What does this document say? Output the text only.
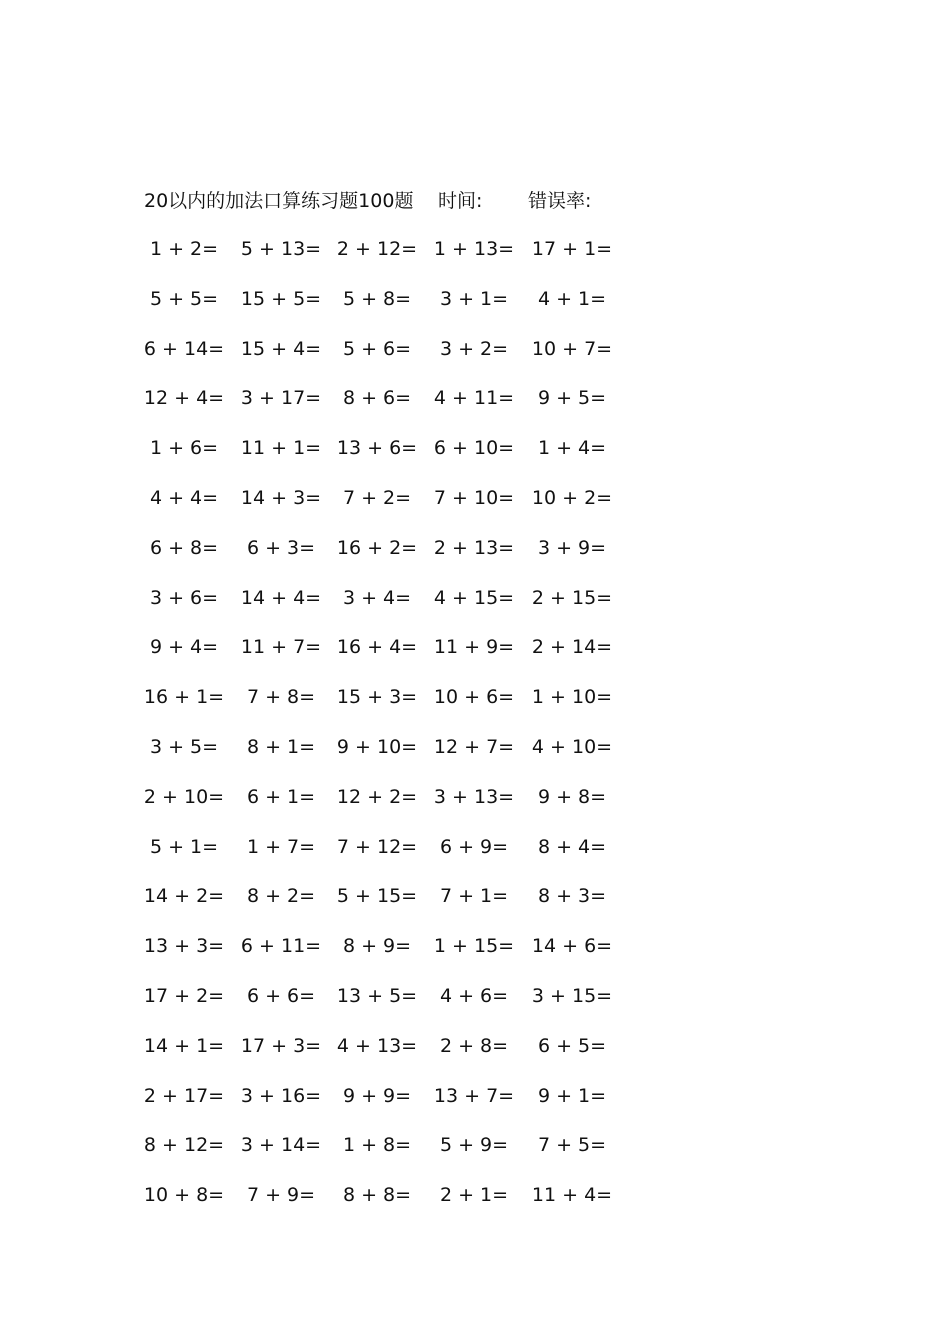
20以内的加法口算练习题100题 时间: 错误率:
1 + 2=	5 + 13= 2 + 12= 1 + 13= 17 + 1=
5 + 5=	15 + 5=	5 + 8=	3 + 1=	4 + 1=
6 + 14= 15 + 4=	5 + 6=	3 + 2=	10 + 7=
12 + 4= 3 + 17=	8 + 6=	4 + 11=	9 + 5=
1 + 6=	11 + 1= 13 + 6= 6 + 10=	1 + 4=
4 + 4=	14 + 3=	7 + 2=	7 + 10= 10 + 2=
6 + 8=	6 + 3=	16 + 2= 2 + 13=	3 + 9=
3 + 6=	14 + 4=	3 + 4=	4 + 15= 2 + 15=
9 + 4=	11 + 7= 16 + 4= 11 + 9= 2 + 14=
16 + 1=	7 + 8=	15 + 3= 10 + 6= 1 + 10=
3 + 5=	8 + 1=	9 + 10= 12 + 7= 4 + 10=
2 + 10=	6 + 1=	12 + 2= 3 + 13=	9 + 8=
5 + 1=	1 + 7=	7 + 12=	6 + 9=	8 + 4=
14 + 2=	8 + 2=	5 + 15=	7 + 1=	8 + 3=
13 + 3= 6 + 11=	8 + 9=	1 + 15= 14 + 6=
17 + 2=	6 + 6=	13 + 5=	4 + 6=	3 + 15=
14 + 1= 17 + 3= 4 + 13=	2 + 8=	6 + 5=
2 + 17= 3 + 16=	9 + 9=	13 + 7=	9 + 1=
8 + 12= 3 + 14=	1 + 8=	5 + 9=	7 + 5=
10 + 8=	7 + 9=	8 + 8=	2 + 1=	11 + 4=
